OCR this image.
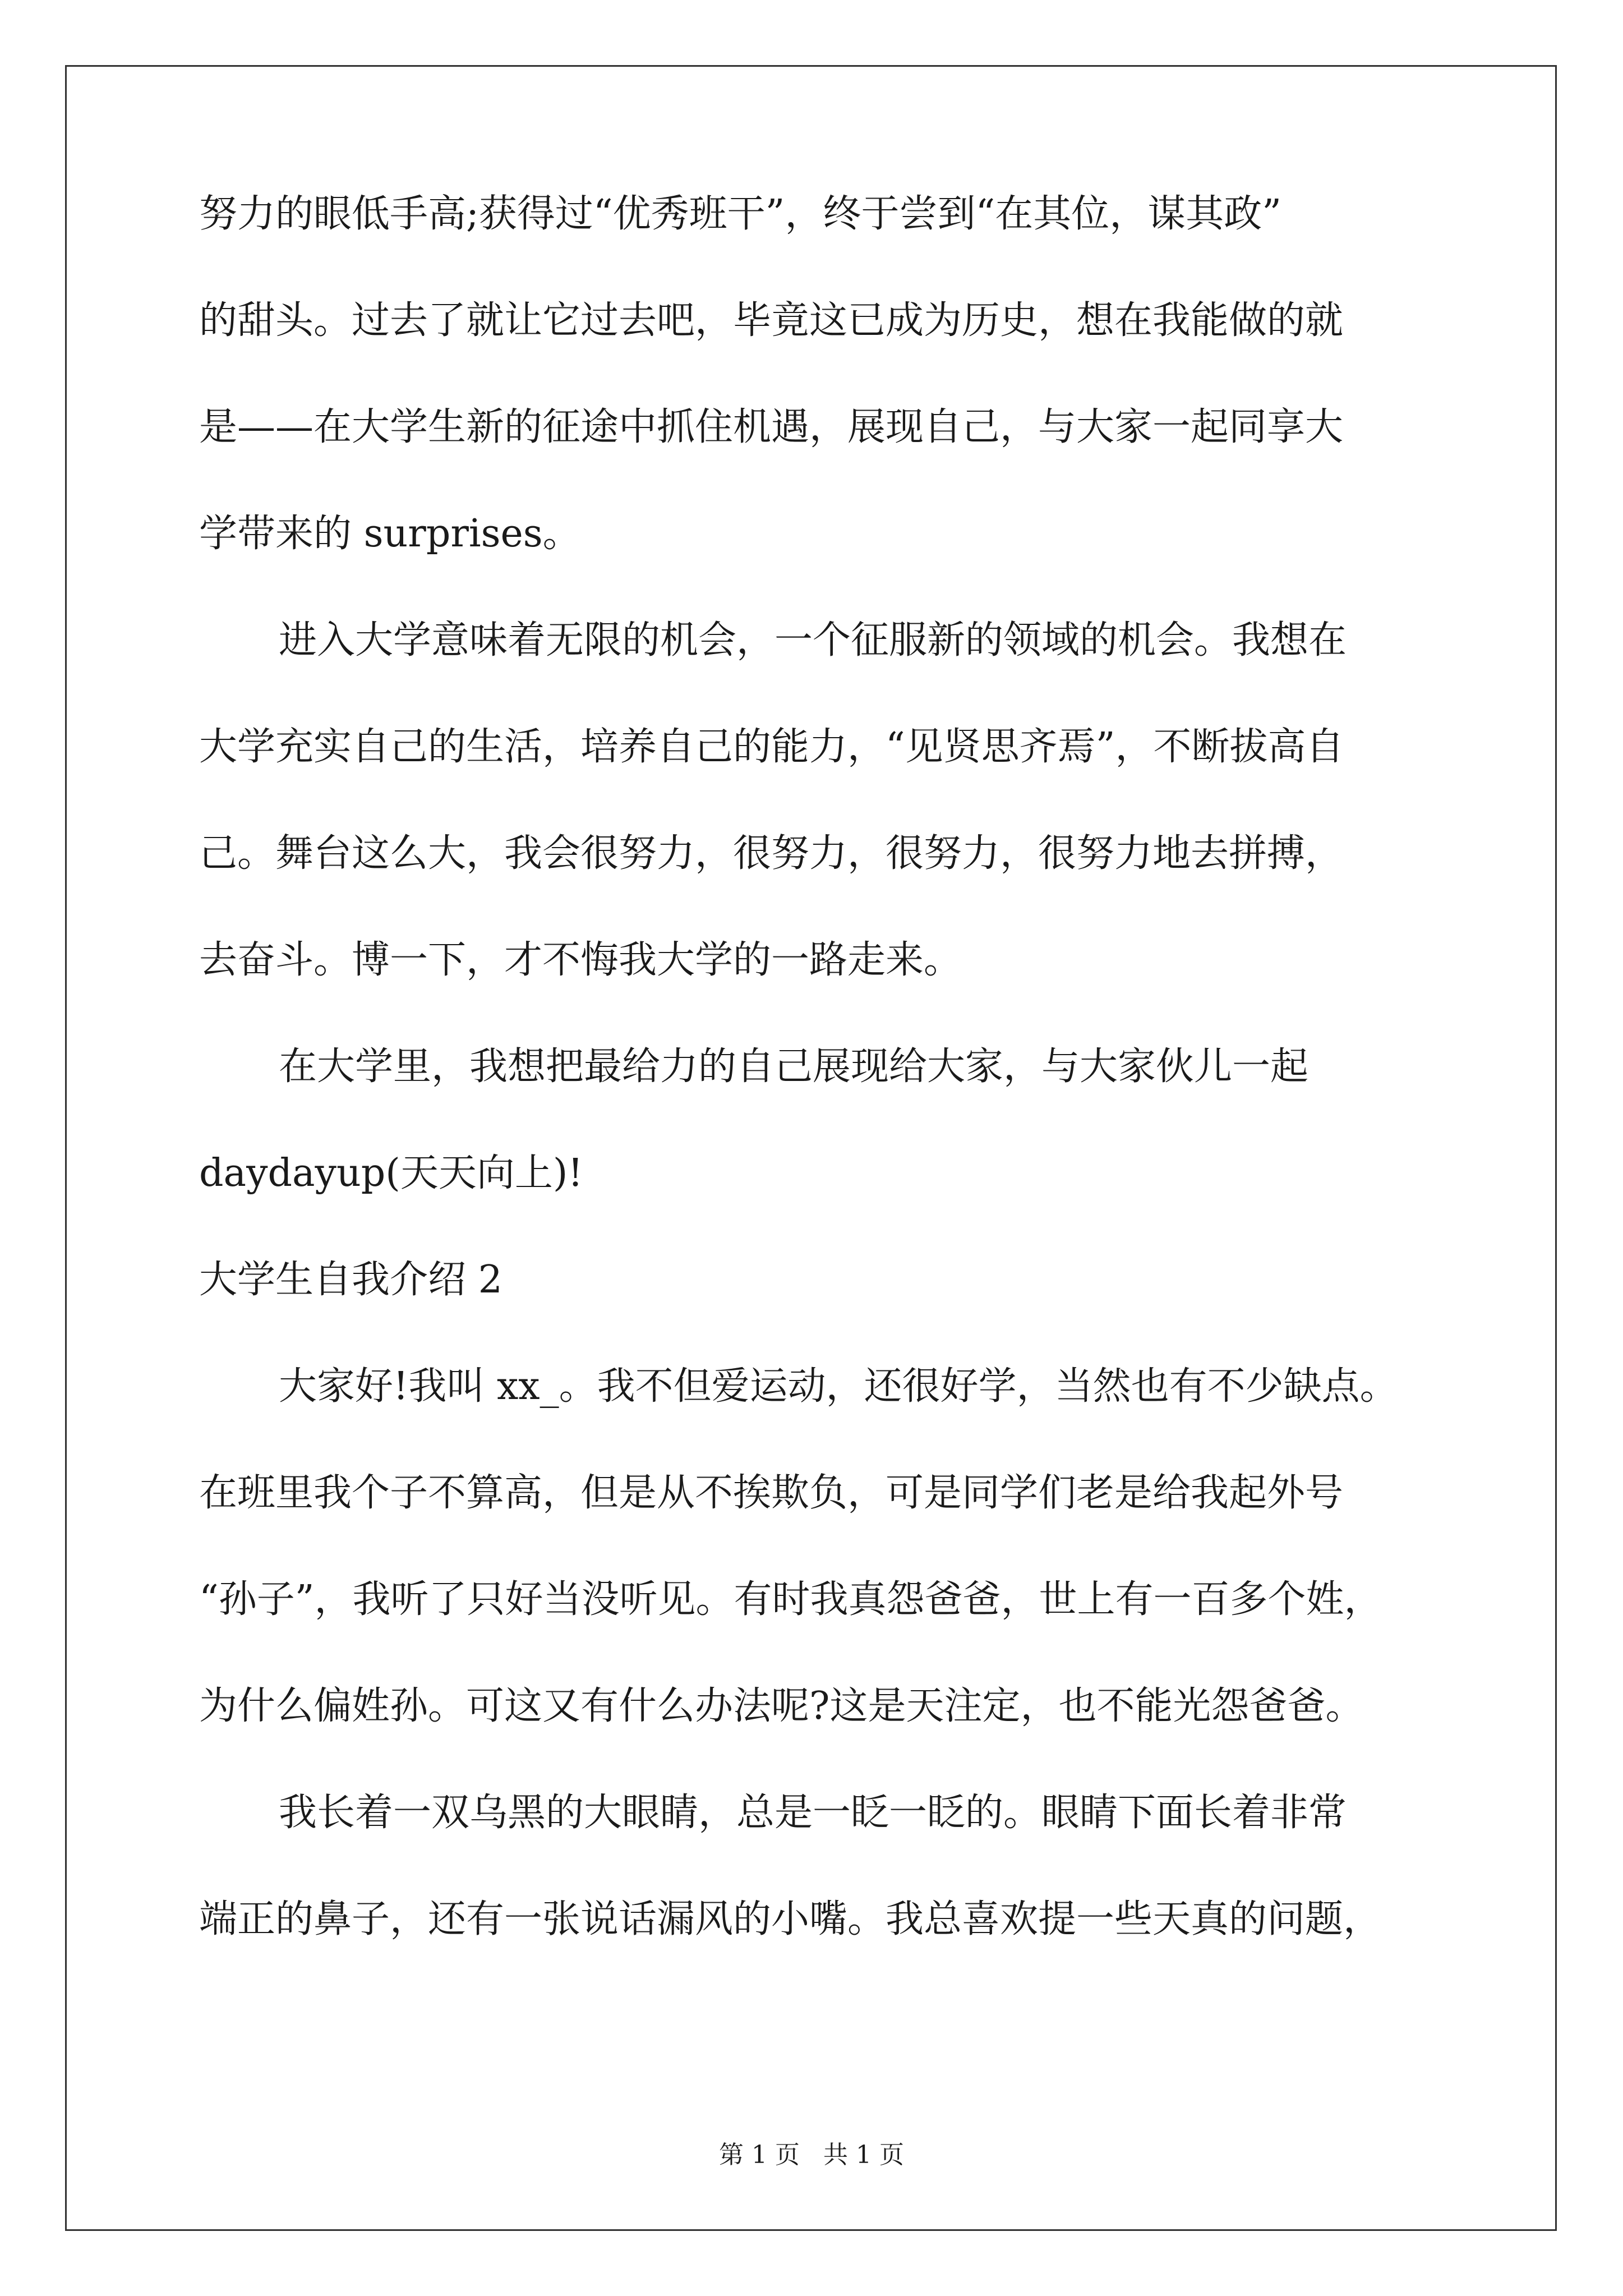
努力的眼低手高;获得过“优秀班干”，终于尝到“在其位，谋其政”
的甜头。过去了就让它过去吧，毕竟这已成为历史，想在我能做的就
是——在大学生新的征途中抓住机遇，展现自己，与大家一起同享大
学带来的 surprises。
进入大学意味着无限的机会，一个征服新的领域的机会。我想在
大学充实自己的生活，培养自己的能力，“见贤思齐焉”，不断拔高自
己。舞台这么大，我会很努力，很努力，很努力，很努力地去拼搏，
去奋斗。博一下，才不悔我大学的一路走来。
在大学里，我想把最给力的自己展现给大家，与大家伙儿一起
daydayup(天天向上)!
大学生自我介绍 2
大家好!我叫 xx_。我不但爱运动，还很好学，当然也有不少缺点。
在班里我个子不算高，但是从不挨欺负，可是同学们老是给我起外号
“孙子”，我听了只好当没听见。有时我真怨爸爸，世上有一百多个姓，
为什么偏姓孙。可这又有什么办法呢?这是天注定，也不能光怨爸爸。
我长着一双乌黑的大眼睛，总是一眨一眨的。眼睛下面长着非常
端正的鼻子，还有一张说话漏风的小嘴。我总喜欢提一些天真的问题，
第 1 页   共 1 页
